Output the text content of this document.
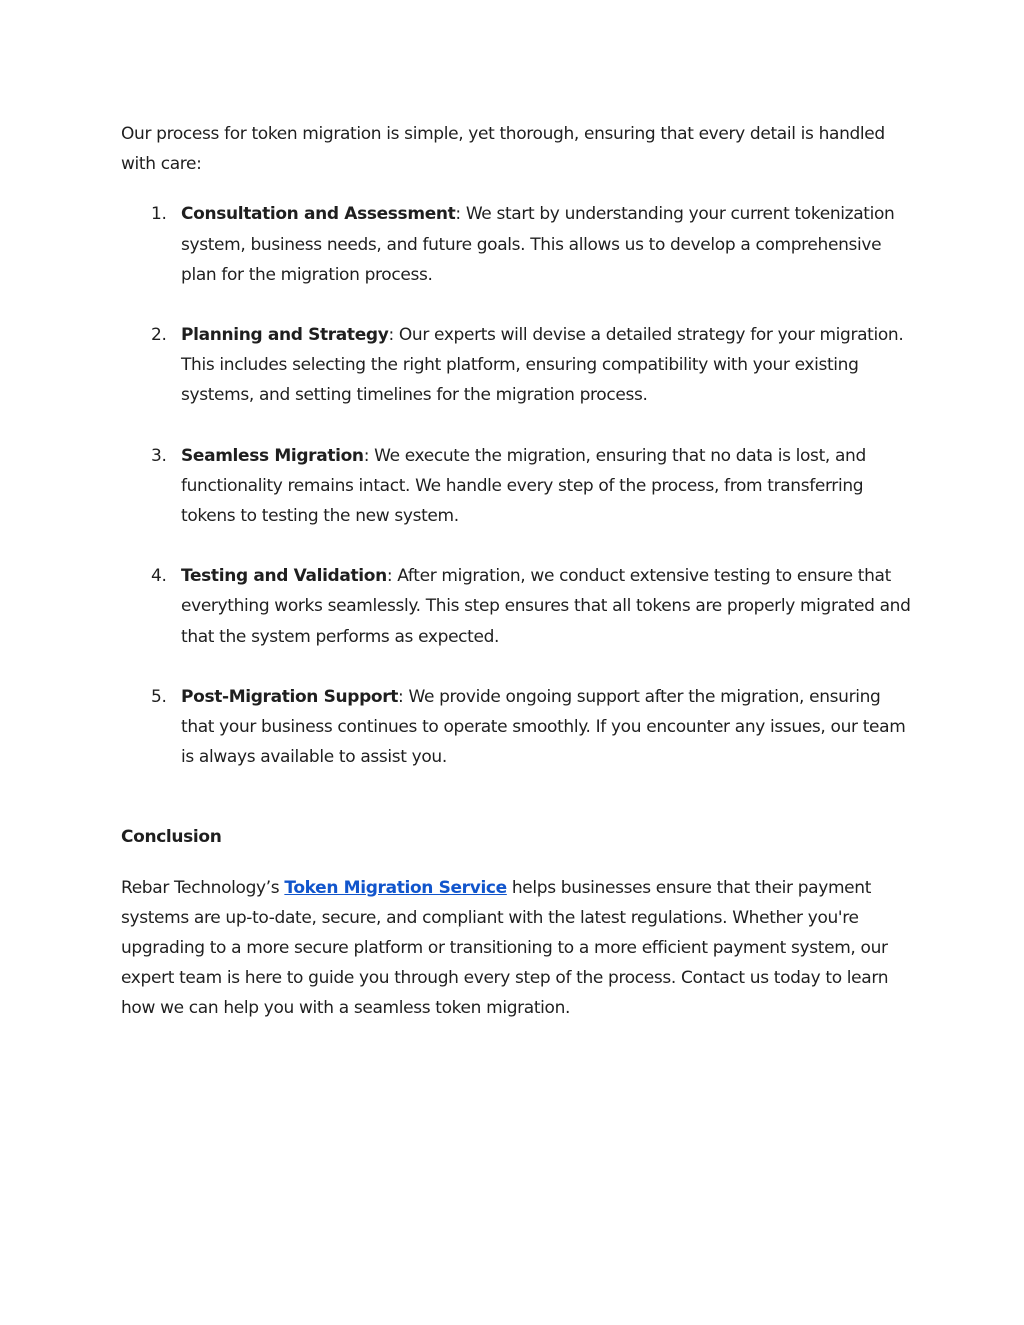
Our process for token migration is simple, yet thorough, ensuring that every detail is handled with care:

1. Consultation and Assessment: We start by understanding your current tokenization system, business needs, and future goals. This allows us to develop a comprehensive plan for the migration process.
2. Planning and Strategy: Our experts will devise a detailed strategy for your migration. This includes selecting the right platform, ensuring compatibility with your existing systems, and setting timelines for the migration process.
3. Seamless Migration: We execute the migration, ensuring that no data is lost, and functionality remains intact. We handle every step of the process, from transferring tokens to testing the new system.
4. Testing and Validation: After migration, we conduct extensive testing to ensure that everything works seamlessly. This step ensures that all tokens are properly migrated and that the system performs as expected.
5. Post-Migration Support: We provide ongoing support after the migration, ensuring that your business continues to operate smoothly. If you encounter any issues, our team is always available to assist you.

Conclusion

Rebar Technology’s Token Migration Service helps businesses ensure that their payment systems are up-to-date, secure, and compliant with the latest regulations. Whether you're upgrading to a more secure platform or transitioning to a more efficient payment system, our expert team is here to guide you through every step of the process. Contact us today to learn how we can help you with a seamless token migration.
